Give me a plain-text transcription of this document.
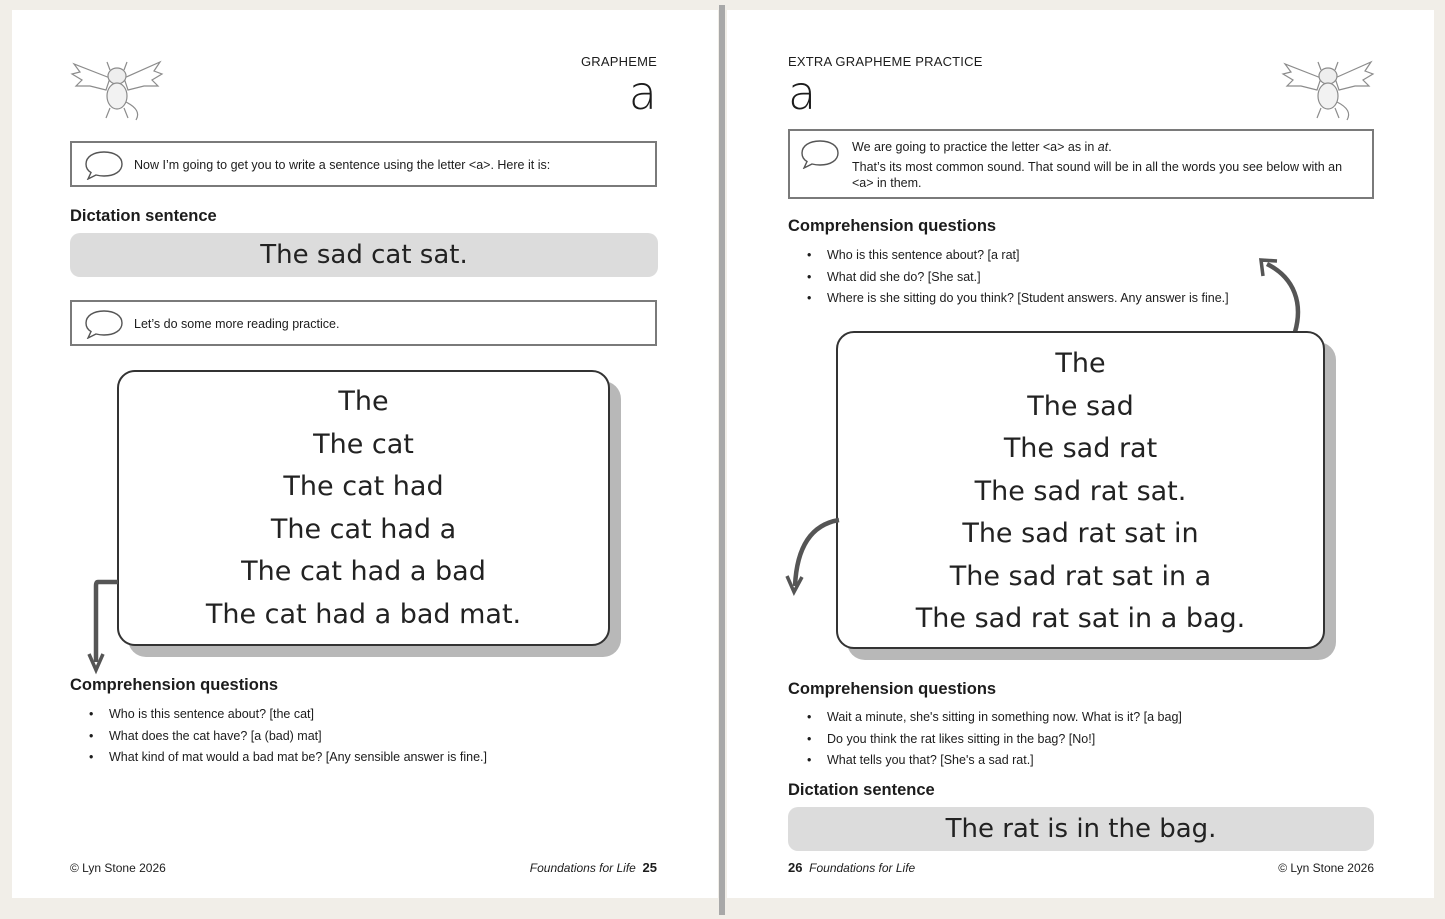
GRAPHEME
a
Now I’m going to get you to write a sentence using the letter <a>. Here it is:
Dictation sentence
The sad cat sat.
Let’s do some more reading practice.
The
The cat
The cat had
The cat had a
The cat had a bad
The cat had a bad mat.
Comprehension questions
• Who is this sentence about? [the cat]
• What does the cat have? [a (bad) mat]
• What kind of mat would a bad mat be? [Any sensible answer is fine.]
© Lyn Stone 2026	Foundations for Life 25
EXTRA GRAPHEME PRACTICE
a
We are going to practice the letter <a> as in at.
That’s its most common sound. That sound will be in all the words you see below with an <a> in them.
Comprehension questions
• Who is this sentence about? [a rat]
• What did she do? [She sat.]
• Where is she sitting do you think? [Student answers. Any answer is fine.]
The
The sad
The sad rat
The sad rat sat.
The sad rat sat in
The sad rat sat in a
The sad rat sat in a bag.
Comprehension questions
• Wait a minute, she's sitting in something now. What is it? [a bag]
• Do you think the rat likes sitting in the bag? [No!]
• What tells you that? [She's a sad rat.]
Dictation sentence
The rat is in the bag.
26 Foundations for Life	© Lyn Stone 2026
